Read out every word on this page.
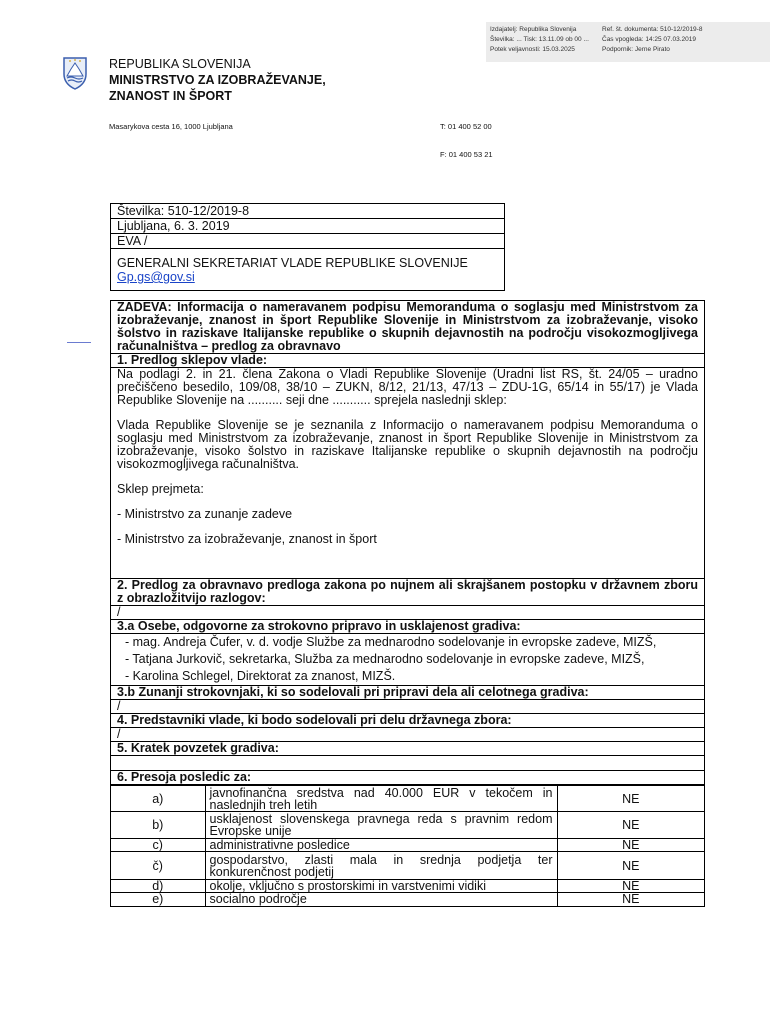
Izdajatelj: Republika Slovenija	Ref. št. dokumenta: 510-12/2019-8
Številka: ... Tisk: 13.11.09 ob 00 ...	Čas vpogleda: 14:25 07.03.2019
Potek veljavnosti: 15.03.2025	Podpornik: Jerne Pirato
REPUBLIKA SLOVENIJA
MINISTRSTVO ZA IZOBRAŽEVANJE,
ZNANOST IN ŠPORT
Masarykova cesta 16, 1000 Ljubljana	T: 01 400 52 00
F: 01 400 53 21
Številka: 510-12/2019-8
Ljubljana, 6. 3. 2019
EVA /
GENERALNI SEKRETARIAT VLADE REPUBLIKE SLOVENIJE
Gp.gs@gov.si
ZADEVA: Informacija o nameravanem podpisu Memoranduma o soglasju med Ministrstvom za izobraževanje, znanost in šport Republike Slovenije in Ministrstvom za izobraževanje, visoko šolstvo in raziskave Italijanske republike o skupnih dejavnostih na področju visokozmogljivega računalništva – predlog za obravnavo
1. Predlog sklepov vlade:

Na podlagi 2. in 21. člena Zakona o Vladi Republike Slovenije (Uradni list RS, št. 24/05 – uradno prečiščeno besedilo, 109/08, 38/10 – ZUKN, 8/12, 21/13, 47/13 – ZDU-1G, 65/14 in 55/17) je Vlada Republike Slovenije na .......... seji dne ........... sprejela naslednji sklep:

Vlada Republike Slovenije se je seznanila z Informacijo o nameravanem podpisu Memoranduma o soglasju med Ministrstvom za izobraževanje, znanost in šport Republike Slovenije in Ministrstvom za izobraževanje, visoko šolstvo in raziskave Italijanske republike o skupnih dejavnostih na področju visokozmogljivega računalništva.

Sklep prejmeta:

- Ministrstvo za zunanje zadeve

- Ministrstvo za izobraževanje, znanost in šport

2. Predlog za obravnavo predloga zakona po nujnem ali skrajšanem postopku v državnem zboru z obrazložitvijo razlogov:
/
3.a Osebe, odgovorne za strokovno pripravo in usklajenost gradiva:
- mag. Andreja Čufer, v. d. vodje Službe za mednarodno sodelovanje in evropske zadeve, MIZŠ,
- Tatjana Jurkovič, sekretarka, Služba za mednarodno sodelovanje in evropske zadeve, MIZŠ,
- Karolina Schlegel, Direktorat za znanost, MIZŠ.
3.b Zunanji strokovnjaki, ki so sodelovali pri pripravi dela ali celotnega gradiva:
/
4. Predstavniki vlade, ki bodo sodelovali pri delu državnega zbora:
/
5. Kratek povzetek gradiva:
6. Presoja posledic za:
a)	javnofinančna sredstva nad 40.000 EUR v tekočem in naslednjih treh letih	NE
b)	usklajenost slovenskega pravnega reda s pravnim redom Evropske unije	NE
c)	administrativne posledice	NE
č)	gospodarstvo, zlasti mala in srednja podjetja ter konkurenčnost podjetij	NE
d)	okolje, vključno s prostorskimi in varstvenimi vidiki	NE
e)	socialno področje	NE
